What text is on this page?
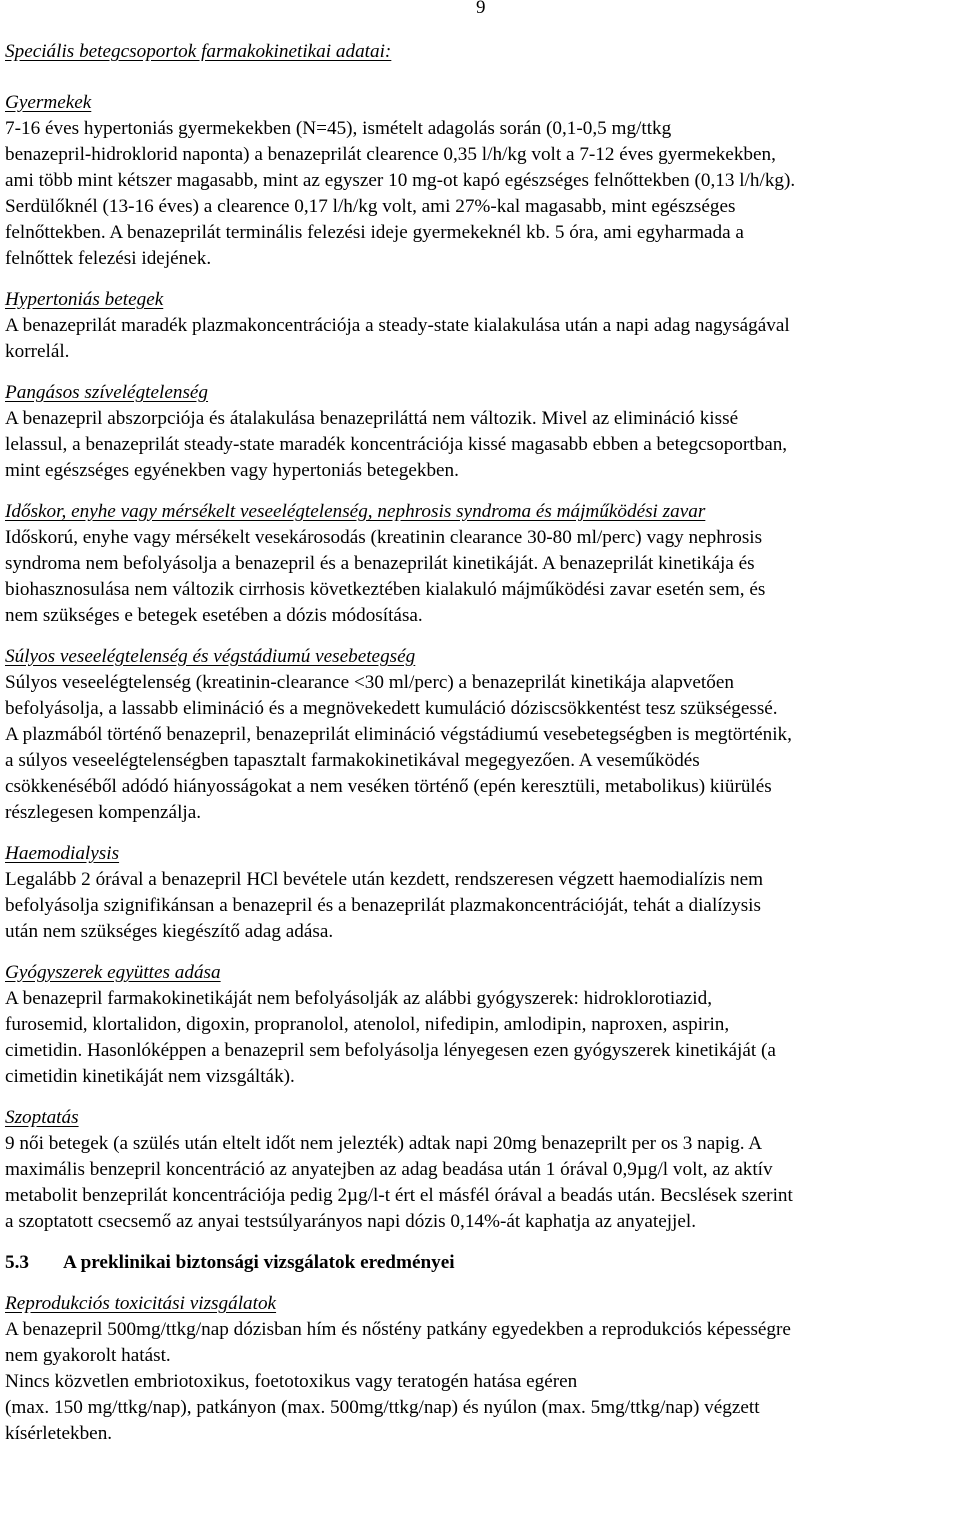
9
Speciális betegcsoportok farmakokinetikai adatai:

Gyermekek

7-16 éves hypertoniás gyermekekben (N=45), ismételt adagolás során (0,1-0,5 mg/ttkg
benazepril-hidroklorid naponta) a benazeprilát clearence 0,35 l/h/kg volt a 7-12 éves gyermekekben,
ami több mint kétszer magasabb, mint az egyszer 10 mg-ot kapó egészséges felnőttekben (0,13 l/h/kg).
Serdülőknél (13-16 éves) a clearence 0,17 l/h/kg volt, ami 27%-kal magasabb, mint egészséges
felnőttekben. A benazeprilát terminális felezési ideje gyermekeknél kb. 5 óra, ami egyharmada a
felnőttek felezési idejének.

Hypertoniás betegek

A benazeprilát maradék plazmakoncentrációja a steady-state kialakulása után a napi adag nagyságával
korrelál.

Pangásos szívelégtelenség

A benazepril abszorpciója és átalakulása benazepriláttá nem változik. Mivel az elimináció kissé
lelassul, a benazeprilát steady-state maradék koncentrációja kissé magasabb ebben a betegcsoportban,
mint egészséges egyénekben vagy hypertoniás betegekben.

Időskor, enyhe vagy mérsékelt veseelégtelenség, nephrosis syndroma és májműködési zavar

Időskorú, enyhe vagy mérsékelt vesekárosodás (kreatinin clearance 30-80 ml/perc) vagy nephrosis
syndroma nem befolyásolja a benazepril és a benazeprilát kinetikáját. A benazeprilát kinetikája és
biohasznosulása nem változik cirrhosis következtében kialakuló májműködési zavar esetén sem, és
nem szükséges e betegek esetében a dózis módosítása.

Súlyos veseelégtelenség és végstádiumú vesebetegség

Súlyos veseelégtelenség (kreatinin-clearance <30 ml/perc) a benazeprilát kinetikája alapvetően
befolyásolja, a lassabb elimináció és a megnövekedett kumuláció dóziscsökkentést tesz szükségessé.
A plazmából történő benazepril, benazeprilát elimináció végstádiumú vesebetegségben is megtörténik,
a súlyos veseelégtelenségben tapasztalt farmakokinetikával megegyezően. A veseműködés
csökkenéséből adódó hiányosságokat a nem veséken történő (epén keresztüli, metabolikus) kiürülés
részlegesen kompenzálja.

Haemodialysis

Legalább 2 órával a benazepril HCl bevétele után kezdett, rendszeresen végzett haemodialízis nem
befolyásolja szignifikánsan a benazepril és a benazeprilát plazmakoncentrációját, tehát a dialízysis
után nem szükséges kiegészítő adag adása.

Gyógyszerek együttes adása

A benazepril farmakokinetikáját nem befolyásolják az alábbi gyógyszerek: hidroklorotiazid,
furosemid, klortalidon, digoxin, propranolol, atenolol, nifedipin, amlodipin, naproxen, aspirin,
cimetidin. Hasonlóképpen a benazepril sem befolyásolja lényegesen ezen gyógyszerek kinetikáját (a
cimetidin kinetikáját nem vizsgálták).

Szoptatás

9 női betegek (a szülés után eltelt időt nem jelezték) adtak napi 20mg benazeprilt per os 3 napig. A
maximális benzepril koncentráció az anyatejben az adag beadása után 1 órával 0,9µg/l volt, az aktív
metabolit benzeprilát koncentrációja pedig 2µg/l-t ért el másfél órával a beadás után. Becslések szerint
a szoptatott csecsemő az anyai testsúlyarányos napi dózis 0,14%-át kaphatja az anyatejjel.

5.3 A preklinikai biztonsági vizsgálatok eredményei

Reprodukciós toxicitási vizsgálatok

A benazepril 500mg/ttkg/nap dózisban hím és nőstény patkány egyedekben a reprodukciós képességre
nem gyakorolt hatást.
Nincs közvetlen embriotoxikus, foetotoxikus vagy teratogén hatása egéren
(max. 150 mg/ttkg/nap), patkányon (max. 500mg/ttkg/nap) és nyúlon (max. 5mg/ttkg/nap) végzett
kísérletekben.
